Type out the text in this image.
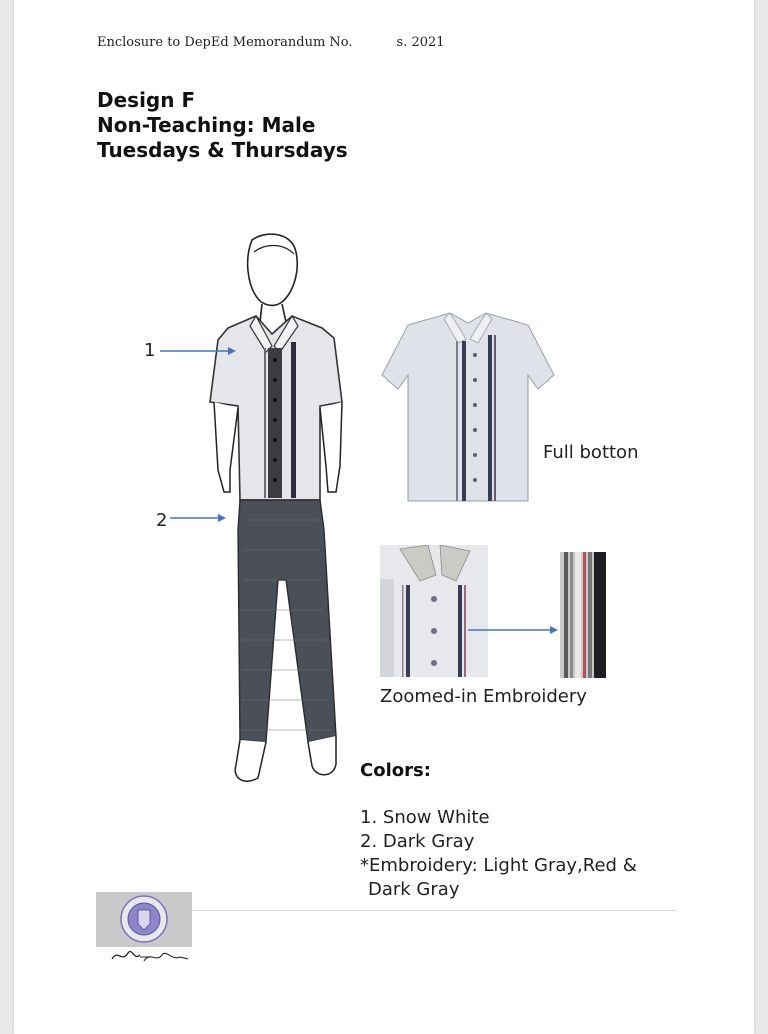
Enclosure to DepEd Memorandum No.	s. 2021
Design F
Non-Teaching: Male
Tuesdays & Thursdays
1
2
Full botton
Zoomed-in Embroidery
Colors:
1. Snow White
2. Dark Gray
*Embroidery: Light Gray,Red &
Dark Gray
